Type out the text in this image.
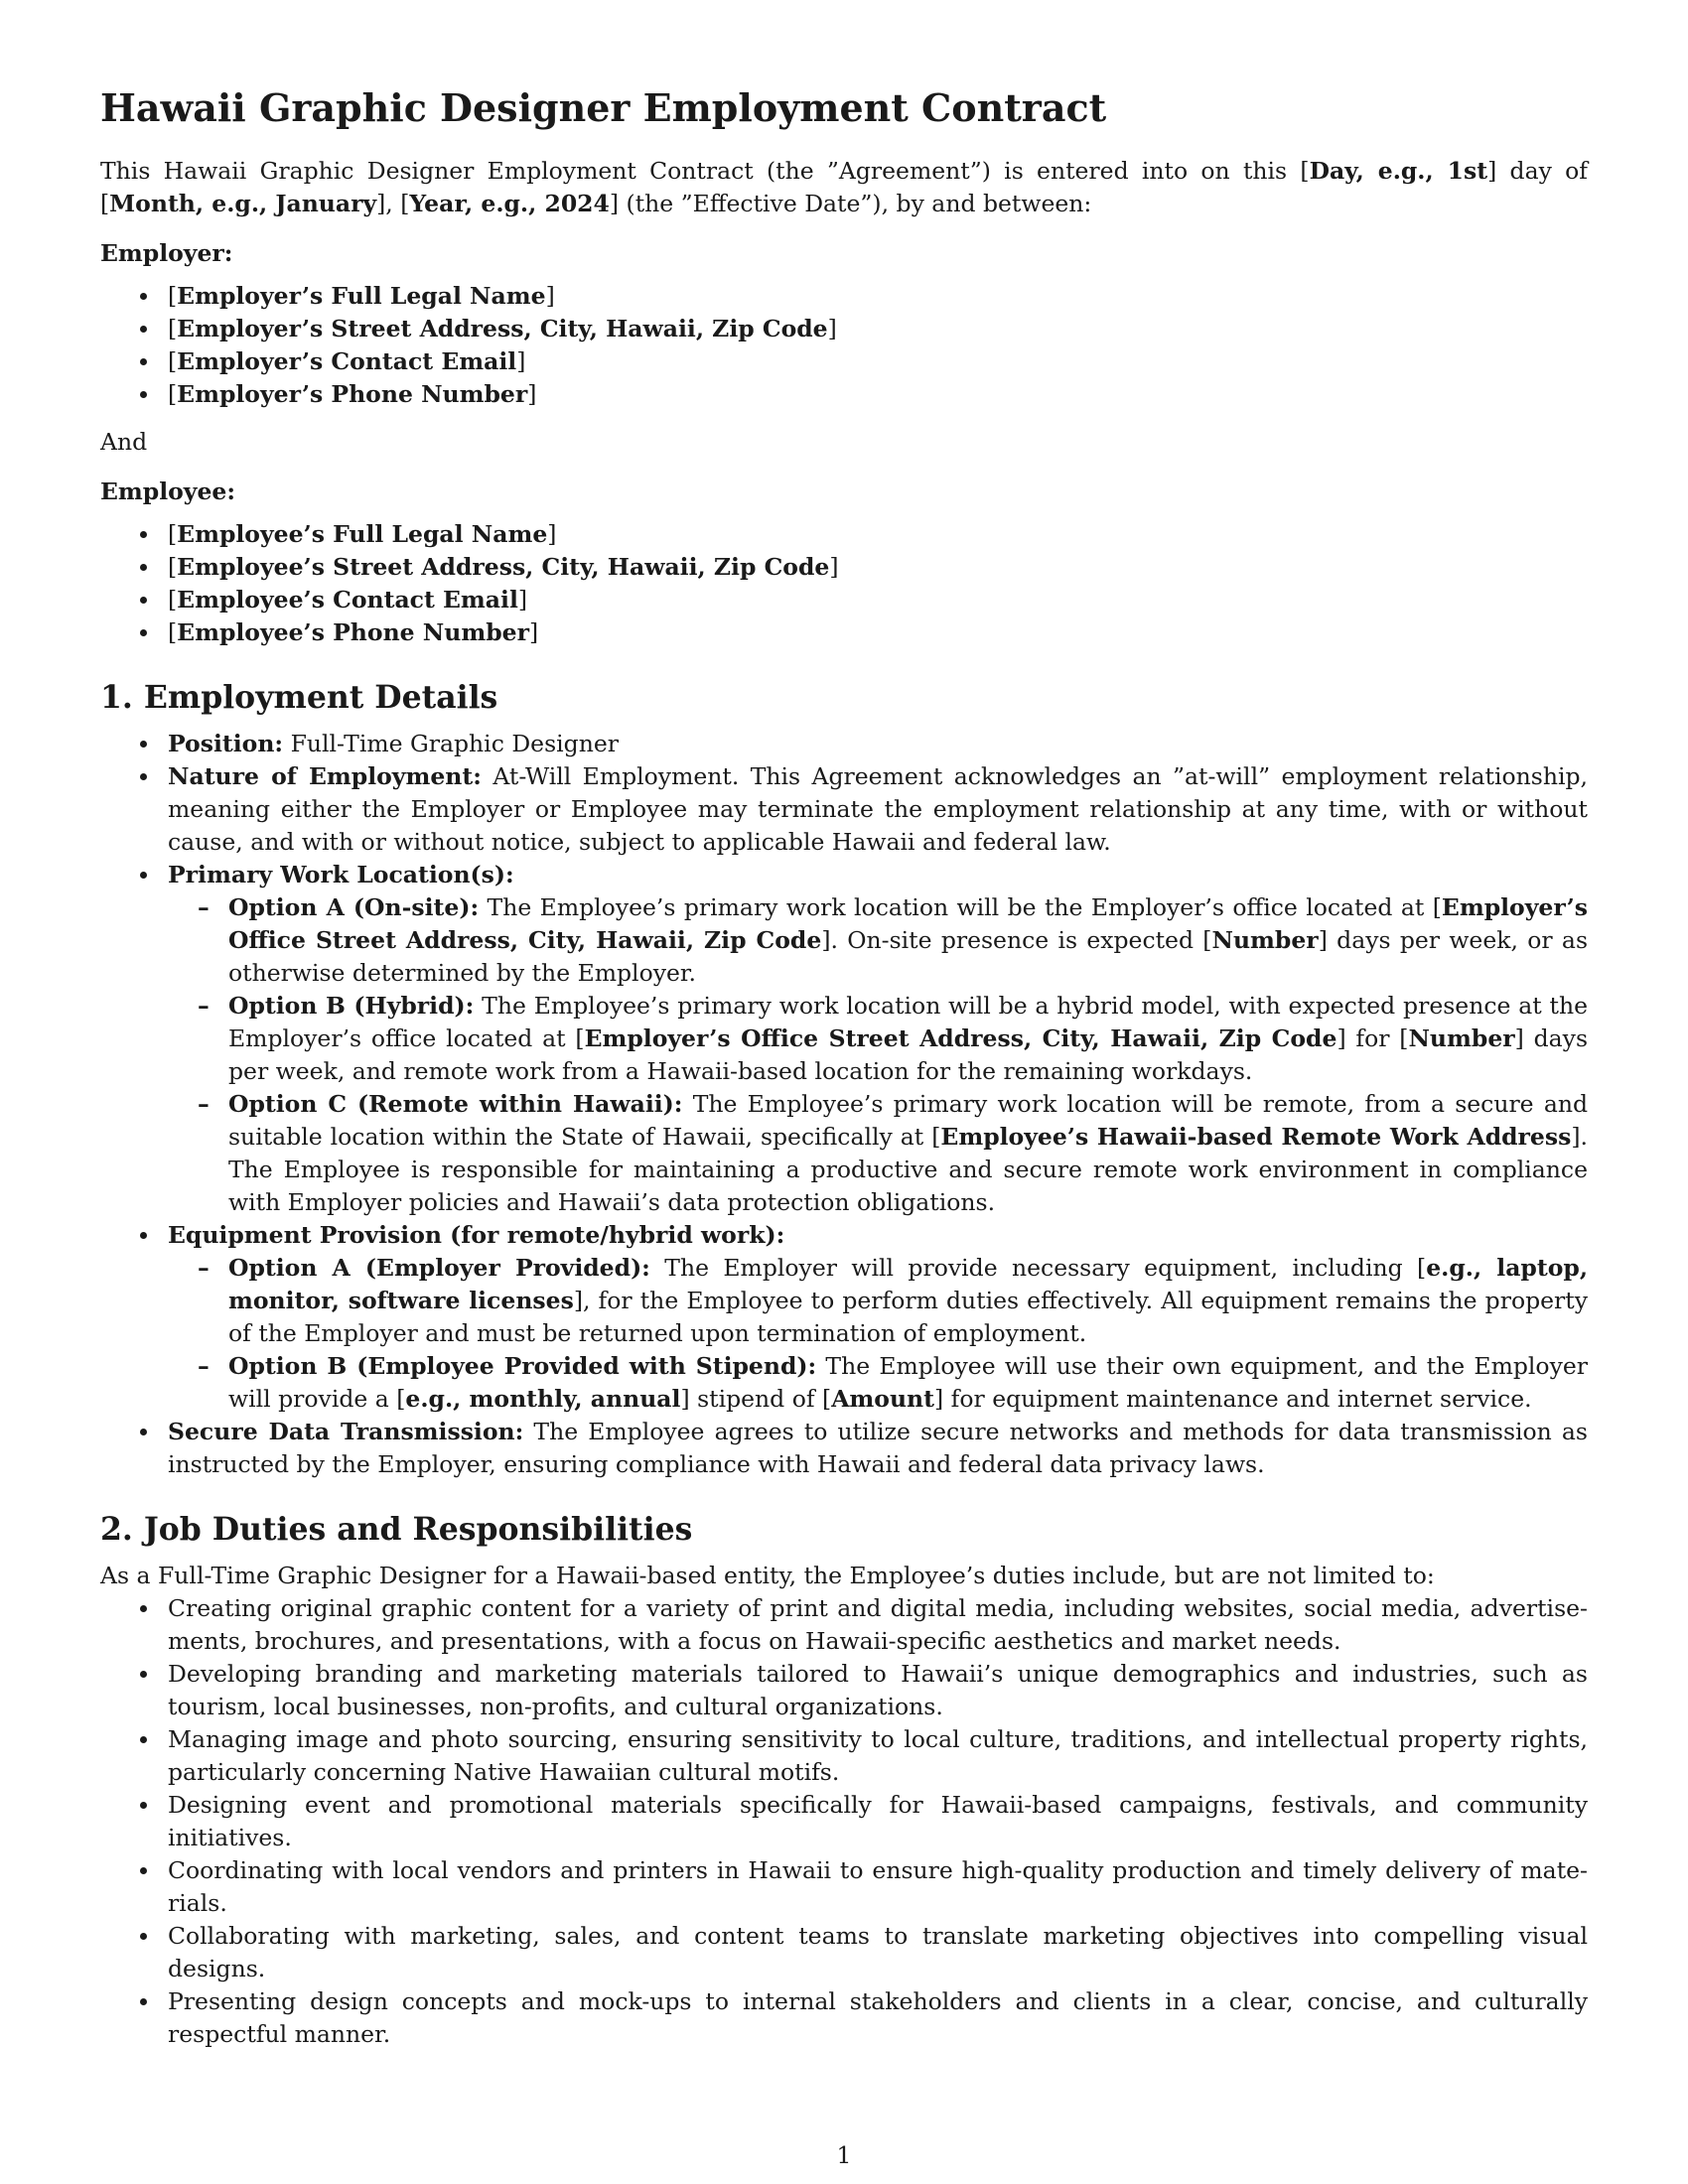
Hawaii Graphic Designer Employment Contract

This Hawaii Graphic Designer Employment Contract (the ”Agreement”) is entered into on this [Day, e.g., 1st] day of [Month, e.g., January], [Year, e.g., 2024] (the ”Effective Date”), by and between:

Employer:
[Employer’s Full Legal Name]
[Employer’s Street Address, City, Hawaii, Zip Code]
[Employer’s Contact Email]
[Employer’s Phone Number]

And

Employee:
[Employee’s Full Legal Name]
[Employee’s Street Address, City, Hawaii, Zip Code]
[Employee’s Contact Email]
[Employee’s Phone Number]
1. Employment Details
Position: Full-Time Graphic Designer
Nature of Employment: At-Will Employment. This Agreement acknowledges an ”at-will” employment relationship, meaning either the Employer or Employee may terminate the employment relationship at any time, with or without cause, and with or without notice, subject to applicable Hawaii and federal law.
Primary Work Location(s):
– Option A (On-site): The Employee’s primary work location will be the Employer’s office located at [Employer’s Office Street Address, City, Hawaii, Zip Code]. On-site presence is expected [Number] days per week, or as otherwise determined by the Employer.
– Option B (Hybrid): The Employee’s primary work location will be a hybrid model, with expected presence at the Employer’s office located at [Employer’s Office Street Address, City, Hawaii, Zip Code] for [Number] days per week, and remote work from a Hawaii-based location for the remaining workdays.
– Option C (Remote within Hawaii): The Employee’s primary work location will be remote, from a secure and suitable location within the State of Hawaii, specifically at [Employee’s Hawaii-based Remote Work Address]. The Employee is responsible for maintaining a productive and secure remote work environment in compliance with Employer policies and Hawaii’s data protection obligations.
Equipment Provision (for remote/hybrid work):
– Option A (Employer Provided): The Employer will provide necessary equipment, including [e.g., laptop, monitor, software licenses], for the Employee to perform duties effectively. All equipment remains the property of the Employer and must be returned upon termination of employment.
– Option B (Employee Provided with Stipend): The Employee will use their own equipment, and the Employer will provide a [e.g., monthly, annual] stipend of [Amount] for equipment maintenance and internet service.
Secure Data Transmission: The Employee agrees to utilize secure networks and methods for data transmission as instructed by the Employer, ensuring compliance with Hawaii and federal data privacy laws.
2. Job Duties and Responsibilities

As a Full-Time Graphic Designer for a Hawaii-based entity, the Employee’s duties include, but are not limited to:

Creating original graphic content for a variety of print and digital media, including websites, social media, advertisements, brochures, and presentations, with a focus on Hawaii-specific aesthetics and market needs.
Developing branding and marketing materials tailored to Hawaii’s unique demographics and industries, such as tourism, local businesses, non-profits, and cultural organizations.
Managing image and photo sourcing, ensuring sensitivity to local culture, traditions, and intellectual property rights, particularly concerning Native Hawaiian cultural motifs.
Designing event and promotional materials specifically for Hawaii-based campaigns, festivals, and community initiatives.
Coordinating with local vendors and printers in Hawaii to ensure high-quality production and timely delivery of materials.
Collaborating with marketing, sales, and content teams to translate marketing objectives into compelling visual designs.
Presenting design concepts and mock-ups to internal stakeholders and clients in a clear, concise, and culturally respectful manner.
1
